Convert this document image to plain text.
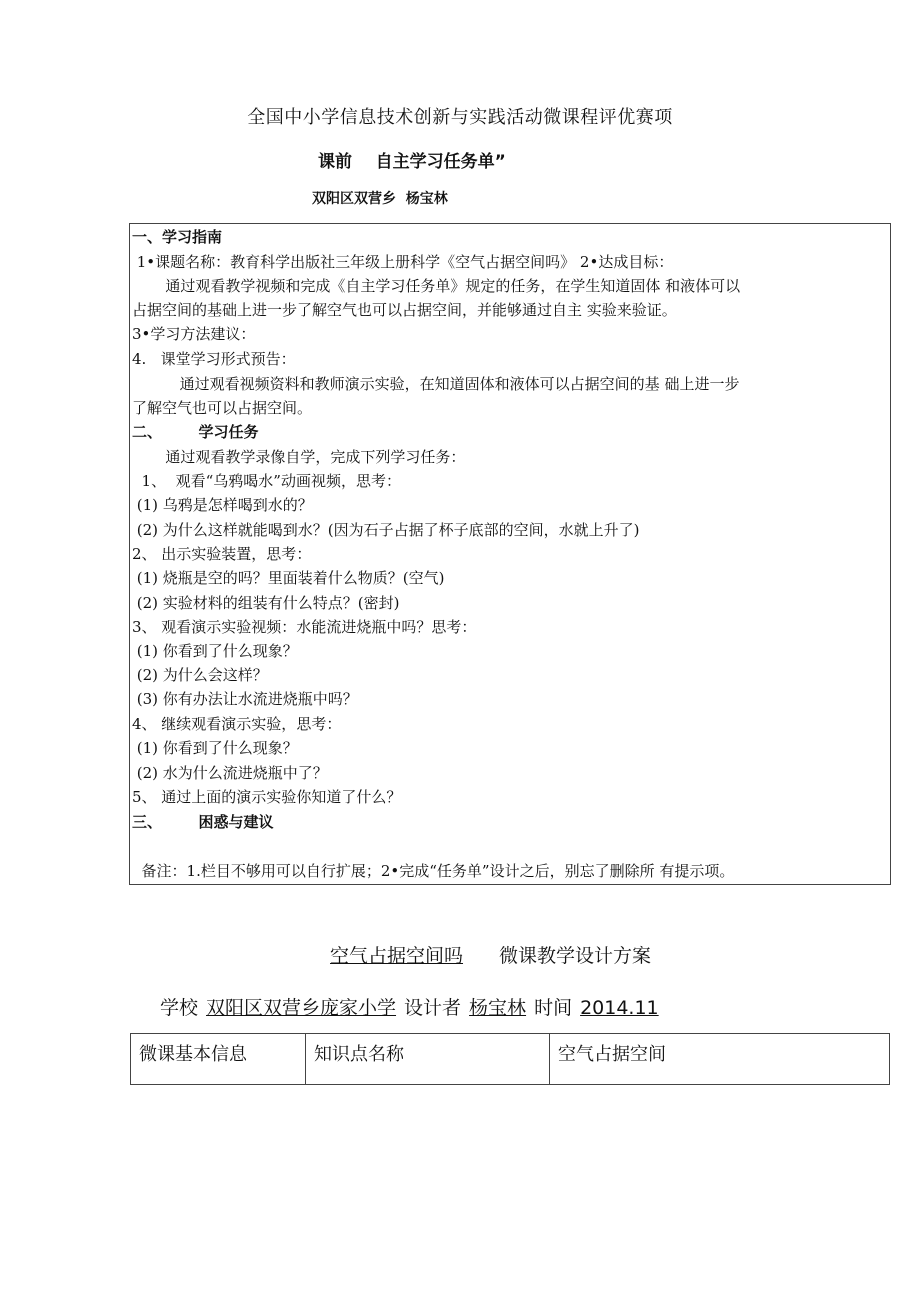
全国中小学信息技术创新与实践活动微课程评优赛项
课前    自主学习任务单”
双阳区双营乡  杨宝林
一、学习指南
1•课题名称：教育科学出版社三年级上册科学《空气占据空间吗》 2•达成目标：
通过观看教学视频和完成《自主学习任务单》规定的任务，在学生知道固体 和液体可以
占据空间的基础上进一步了解空气也可以占据空间，并能够通过自主 实验来验证。
3•学习方法建议：
4.   课堂学习形式预告：
通过观看视频资料和教师演示实验，在知道固体和液体可以占据空间的基 础上进一步
了解空气也可以占据空间。
二、       学习任务
通过观看教学录像自学，完成下列学习任务：
1、  观看“乌鸦喝水”动画视频，思考：
(1) 乌鸦是怎样喝到水的？
(2) 为什么这样就能喝到水？(因为石子占据了杯子底部的空间，水就上升了)
2、 出示实验装置，思考：
(1) 烧瓶是空的吗？里面装着什么物质？(空气)
(2) 实验材料的组装有什么特点？(密封)
3、 观看演示实验视频：水能流进烧瓶中吗？思考：
(1) 你看到了什么现象？
(2) 为什么会这样？
(3) 你有办法让水流进烧瓶中吗？
4、 继续观看演示实验，思考：
(1) 你看到了什么现象？
(2) 水为什么流进烧瓶中了？
5、 通过上面的演示实验你知道了什么？
三、       困惑与建议
备注：1.栏目不够用可以自行扩展；2•完成“任务单”设计之后，别忘了删除所 有提示项。
空气占据空间吗 微课教学设计方案
学校 双阳区双营乡庞家小学 设计者 杨宝林 时间 2014.11
微课基本信息	知识点名称	空气占据空间
